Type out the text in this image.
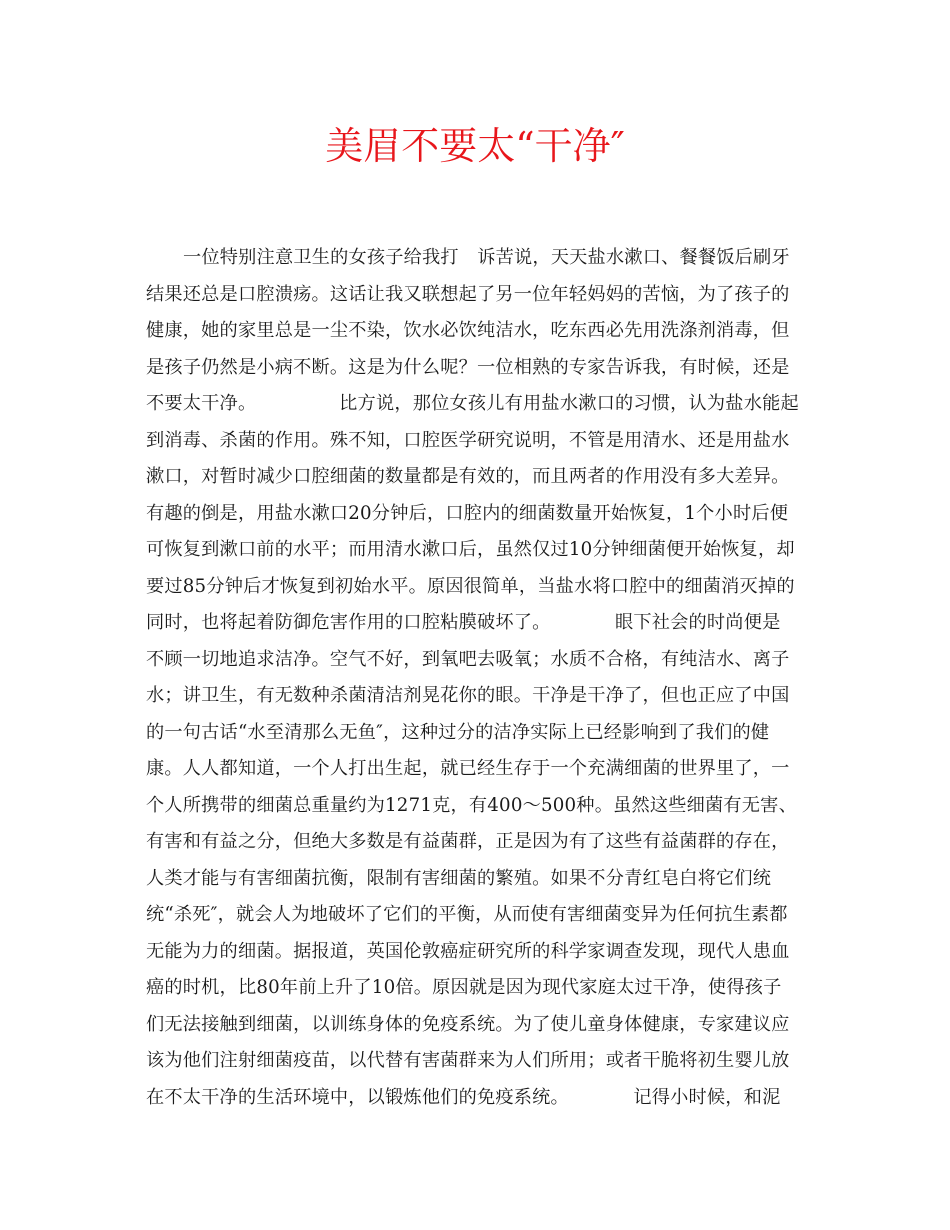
美眉不要太“干净″
一位特别注意卫生的女孩子给我打　诉苦说，天天盐水漱口、餐餐饭后刷牙
结果还总是口腔溃疡。这话让我又联想起了另一位年轻妈妈的苦恼，为了孩子的
健康，她的家里总是一尘不染，饮水必饮纯洁水，吃东西必先用洗涤剂消毒，但
是孩子仍然是小病不断。这是为什么呢？一位相熟的专家告诉我，有时候，还是
不要太干净。　　　　　比方说，那位女孩儿有用盐水漱口的习惯，认为盐水能起
到消毒、杀菌的作用。殊不知，口腔医学研究说明，不管是用清水、还是用盐水
漱口，对暂时减少口腔细菌的数量都是有效的，而且两者的作用没有多大差异。
有趣的倒是，用盐水漱口20分钟后，口腔内的细菌数量开始恢复，1个小时后便
可恢复到漱口前的水平；而用清水漱口后，虽然仅过10分钟细菌便开始恢复，却
要过85分钟后才恢复到初始水平。原因很简单，当盐水将口腔中的细菌消灭掉的
同时，也将起着防御危害作用的口腔粘膜破坏了。　　　　眼下社会的时尚便是
不顾一切地追求洁净。空气不好，到氧吧去吸氧；水质不合格，有纯洁水、离子
水；讲卫生，有无数种杀菌清洁剂晃花你的眼。干净是干净了，但也正应了中国
的一句古话“水至清那么无鱼″，这种过分的洁净实际上已经影响到了我们的健
康。人人都知道，一个人打出生起，就已经生存于一个充满细菌的世界里了，一
个人所携带的细菌总重量约为1271克，有400～500种。虽然这些细菌有无害、
有害和有益之分，但绝大多数是有益菌群，正是因为有了这些有益菌群的存在，
人类才能与有害细菌抗衡，限制有害细菌的繁殖。如果不分青红皂白将它们统
统“杀死″，就会人为地破坏了它们的平衡，从而使有害细菌变异为任何抗生素都
无能为力的细菌。据报道，英国伦敦癌症研究所的科学家调查发现，现代人患血
癌的时机，比80年前上升了10倍。原因就是因为现代家庭太过干净，使得孩子
们无法接触到细菌，以训练身体的免疫系统。为了使儿童身体健康，专家建议应
该为他们注射细菌疫苗，以代替有害菌群来为人们所用；或者干脆将初生婴儿放
在不太干净的生活环境中，以锻炼他们的免疫系统。　　　　记得小时候，和泥
